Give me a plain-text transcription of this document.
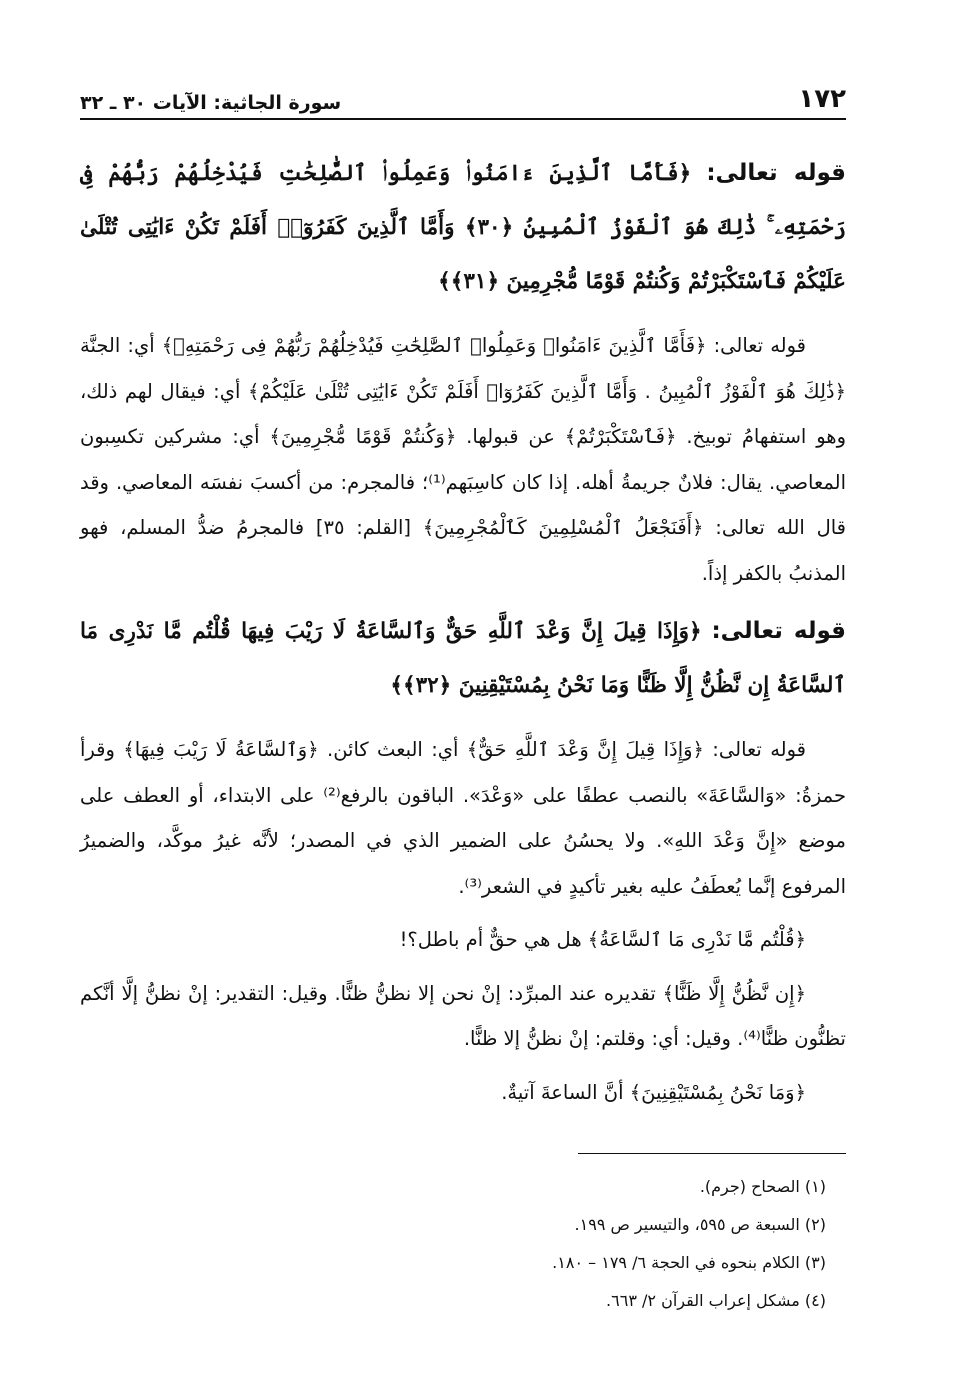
١٧٢
سورة الجاثية: الآيات ٣٠ ـ ٣٢

قوله تعالى: ﴿فَأَمَّا ٱلَّذِينَ ءَامَنُوا۟ وَعَمِلُوا۟ ٱلصَّٰلِحَٰتِ فَيُدْخِلُهُمْ رَبُّهُمْ فِى رَحْمَتِهِۦ ۚ ذَٰلِكَ هُوَ ٱلْفَوْزُ ٱلْمُبِينُ ﴿٣٠﴾ وَأَمَّا ٱلَّذِينَ كَفَرُوٓا۟ أَفَلَمْ تَكُنْ ءَايَٰتِى تُتْلَىٰ عَلَيْكُمْ فَٱسْتَكْبَرْتُمْ وَكُنتُمْ قَوْمًا مُّجْرِمِينَ ﴿٣١﴾﴾

قوله تعالى: ﴿فَأَمَّا ٱلَّذِينَ ءَامَنُوا۟ وَعَمِلُوا۟ ٱلصَّٰلِحَٰتِ فَيُدْخِلُهُمْ رَبُّهُمْ فِى رَحْمَتِهِۦ﴾ أي: الجنَّة ﴿ذَٰلِكَ هُوَ ٱلْفَوْزُ ٱلْمُبِينُ . وَأَمَّا ٱلَّذِينَ كَفَرُوٓا۟ أَفَلَمْ تَكُنْ ءَايَٰتِى تُتْلَىٰ عَلَيْكُمْ﴾ أي: فيقال لهم ذلك، وهو استفهامُ توبيخ. ﴿فَٱسْتَكْبَرْتُمْ﴾ عن قبولها. ﴿وَكُنتُمْ قَوْمًا مُّجْرِمِينَ﴾ أي: مشركين تكسِبون المعاصي. يقال: فلانٌ جريمةُ أهله. إذا كان كاسِبَهم⁽¹⁾؛ فالمجرم: من أكسبَ نفسَه المعاصي. وقد قال الله تعالى: ﴿أَفَنَجْعَلُ ٱلْمُسْلِمِينَ كَٱلْمُجْرِمِينَ﴾ [القلم: ٣٥] فالمجرمُ ضدُّ المسلم، فهو المذنبُ بالكفر إذاً.

قوله تعالى: ﴿وَإِذَا قِيلَ إِنَّ وَعْدَ ٱللَّهِ حَقٌّ وَٱلسَّاعَةُ لَا رَيْبَ فِيهَا قُلْتُم مَّا نَدْرِى مَا ٱلسَّاعَةُ إِن نَّظُنُّ إِلَّا ظَنًّا وَمَا نَحْنُ بِمُسْتَيْقِنِينَ ﴿٣٢﴾﴾

قوله تعالى: ﴿وَإِذَا قِيلَ إِنَّ وَعْدَ ٱللَّهِ حَقٌّ﴾ أي: البعث كائن. ﴿وَٱلسَّاعَةُ لَا رَيْبَ فِيهَا﴾ وقرأ حمزةُ: «وَالسَّاعَةَ» بالنصب عطفًا على «وَعْدَ». الباقون بالرفع⁽²⁾ على الابتداء، أو العطف على موضع «إِنَّ وَعْدَ اللهِ». ولا يحسُنُ على الضمير الذي في المصدر؛ لأنَّه غيرُ موكَّد، والضميرُ المرفوع إنَّما يُعطَفُ عليه بغير تأكيدٍ في الشعر⁽³⁾.

﴿قُلْتُم مَّا نَدْرِى مَا ٱلسَّاعَةُ﴾ هل هي حقٌّ أم باطل؟!

﴿إِن نَّظُنُّ إِلَّا ظَنًّا﴾ تقديره عند المبرِّد: إنْ نحن إلا نظنُّ ظنًّا. وقيل: التقدير: إنْ نظنُّ إلَّا أنَّكم تظنُّون ظنًّا⁽⁴⁾. وقيل: أي: وقلتم: إنْ نظنُّ إلا ظنًّا.

﴿وَمَا نَحْنُ بِمُسْتَيْقِنِينَ﴾ أنَّ الساعةَ آتيةٌ.

(١) الصحاح (جرم).

(٢) السبعة ص ٥٩٥، والتيسير ص ١٩٩.

(٣) الكلام بنحوه في الحجة ٦/ ١٧٩ – ١٨٠.

(٤) مشكل إعراب القرآن ٢/ ٦٦٣.
